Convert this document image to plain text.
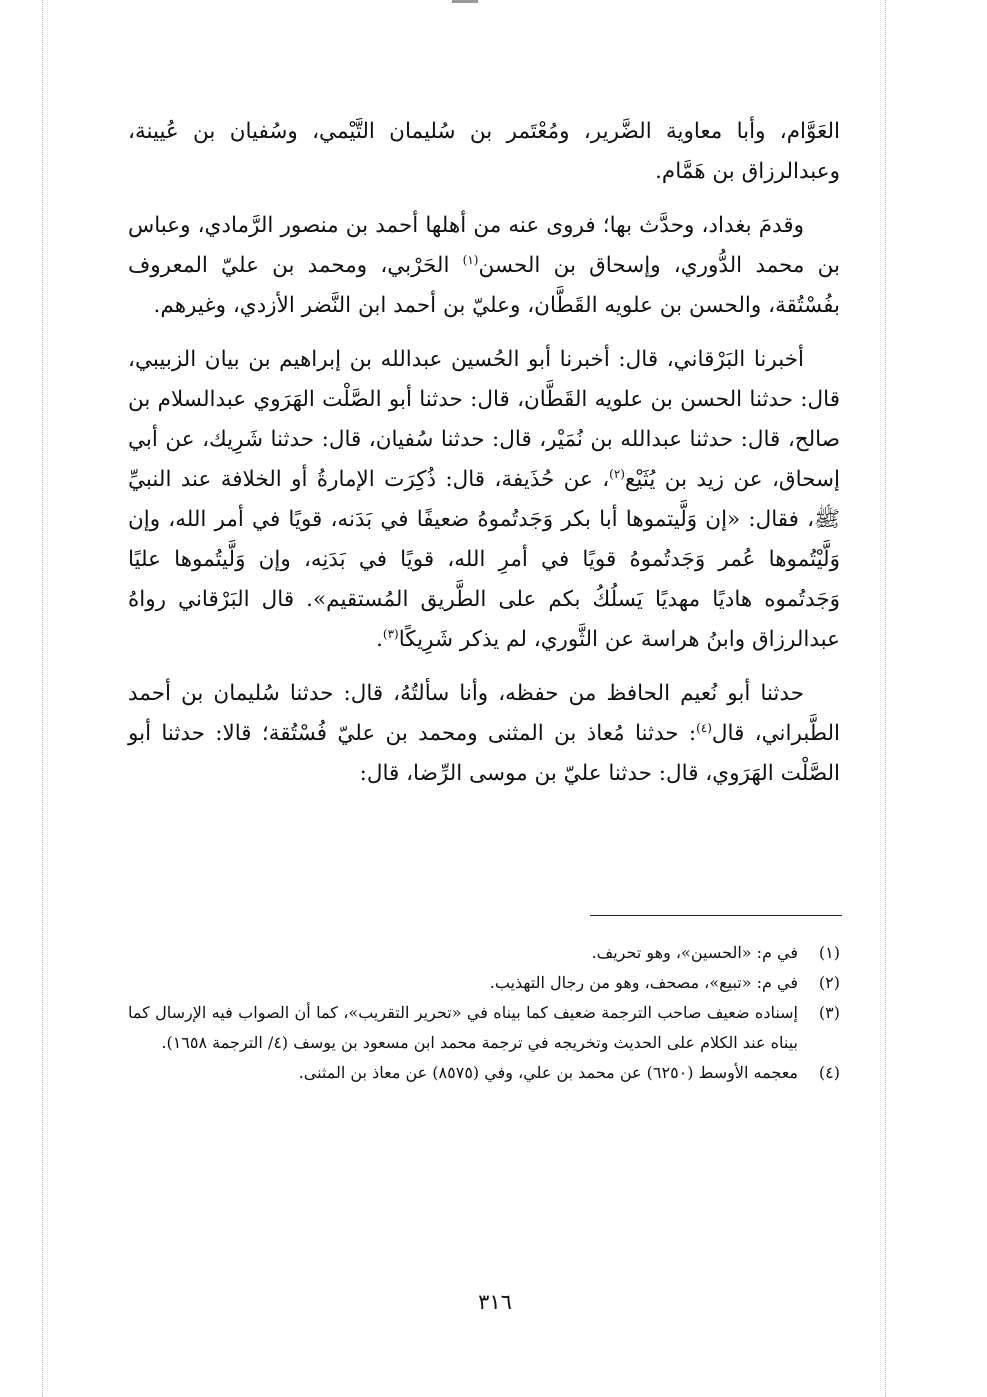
العَوَّام، وأبا معاوية الضَّرير، ومُعْتَمر بن سُليمان التَّيْمي، وسُفيان بن عُيينة، وعبدالرزاق بن هَمَّام.

وقدمَ بغداد، وحدَّث بها؛ فروى عنه من أهلها أحمد بن منصور الرَّمادي، وعباس بن محمد الدُّوري، وإسحاق بن الحسن$^{(١)}$ الحَرْبي، ومحمد بن عليّ المعروف بفُسْتُقة، والحسن بن علويه القَطَّان، وعليّ بن أحمد ابن النَّضر الأزدي، وغيرهم.

أخبرنا البَرْقاني، قال: أخبرنا أبو الحُسين عبدالله بن إبراهيم بن بيان الزبيبي، قال: حدثنا الحسن بن علويه القَطَّان، قال: حدثنا أبو الصَّلْت الهَرَوي عبدالسلام بن صالح، قال: حدثنا عبدالله بن نُمَيْر، قال: حدثنا سُفيان، قال: حدثنا شَرِيك، عن أبي إسحاق، عن زيد بن يُثَيْع$^{(٢)}$، عن حُذَيفة، قال: ذُكِرَت الإمارةُ أو الخلافة عند النبيِّ ﷺ، فقال: «إن وَلَّيتموها أبا بكر وَجَدتُموهُ ضعيفًا في بَدَنه، قويًا في أمر الله، وإن وَلَّيْتُموها عُمر وَجَدتُموهُ قويًا في أمرِ الله، قويًا في بَدَنِه، وإن وَلَّيتُموها عليًا وَجَدتُموه هاديًا مهديًا يَسلُكُ بكم على الطَّريق المُستقيم». قال البَرْقاني رواهُ عبدالرزاق وابنُ هراسة عن الثَّوري، لم يذكر شَرِيكًا$^{(٣)}$.

حدثنا أبو نُعيم الحافظ من حفظه، وأنا سألتُهُ، قال: حدثنا سُليمان بن أحمد الطَّبراني، قال$^{(٤)}$: حدثنا مُعاذ بن المثنى ومحمد بن عليّ فُسْتُقة؛ قالا: حدثنا أبو الصَّلْت الهَرَوي، قال: حدثنا عليّ بن موسى الرِّضا، قال:

(١)
في م: «الحسين»، وهو تحريف.

(٢)
في م: «تبيع»، مصحف، وهو من رجال التهذيب.

(٣)
إسناده ضعيف صاحب الترجمة ضعيف كما بيناه في «تحرير التقريب»، كما أن الصواب فيه الإرسال كما بيناه عند الكلام على الحديث وتخريجه في ترجمة محمد ابن مسعود بن يوسف (٤/ الترجمة ١٦٥٨).

(٤)
معجمه الأوسط (٦٢٥٠) عن محمد بن علي، وفي (٨٥٧٥) عن معاذ بن المثنى.

٣١٦
